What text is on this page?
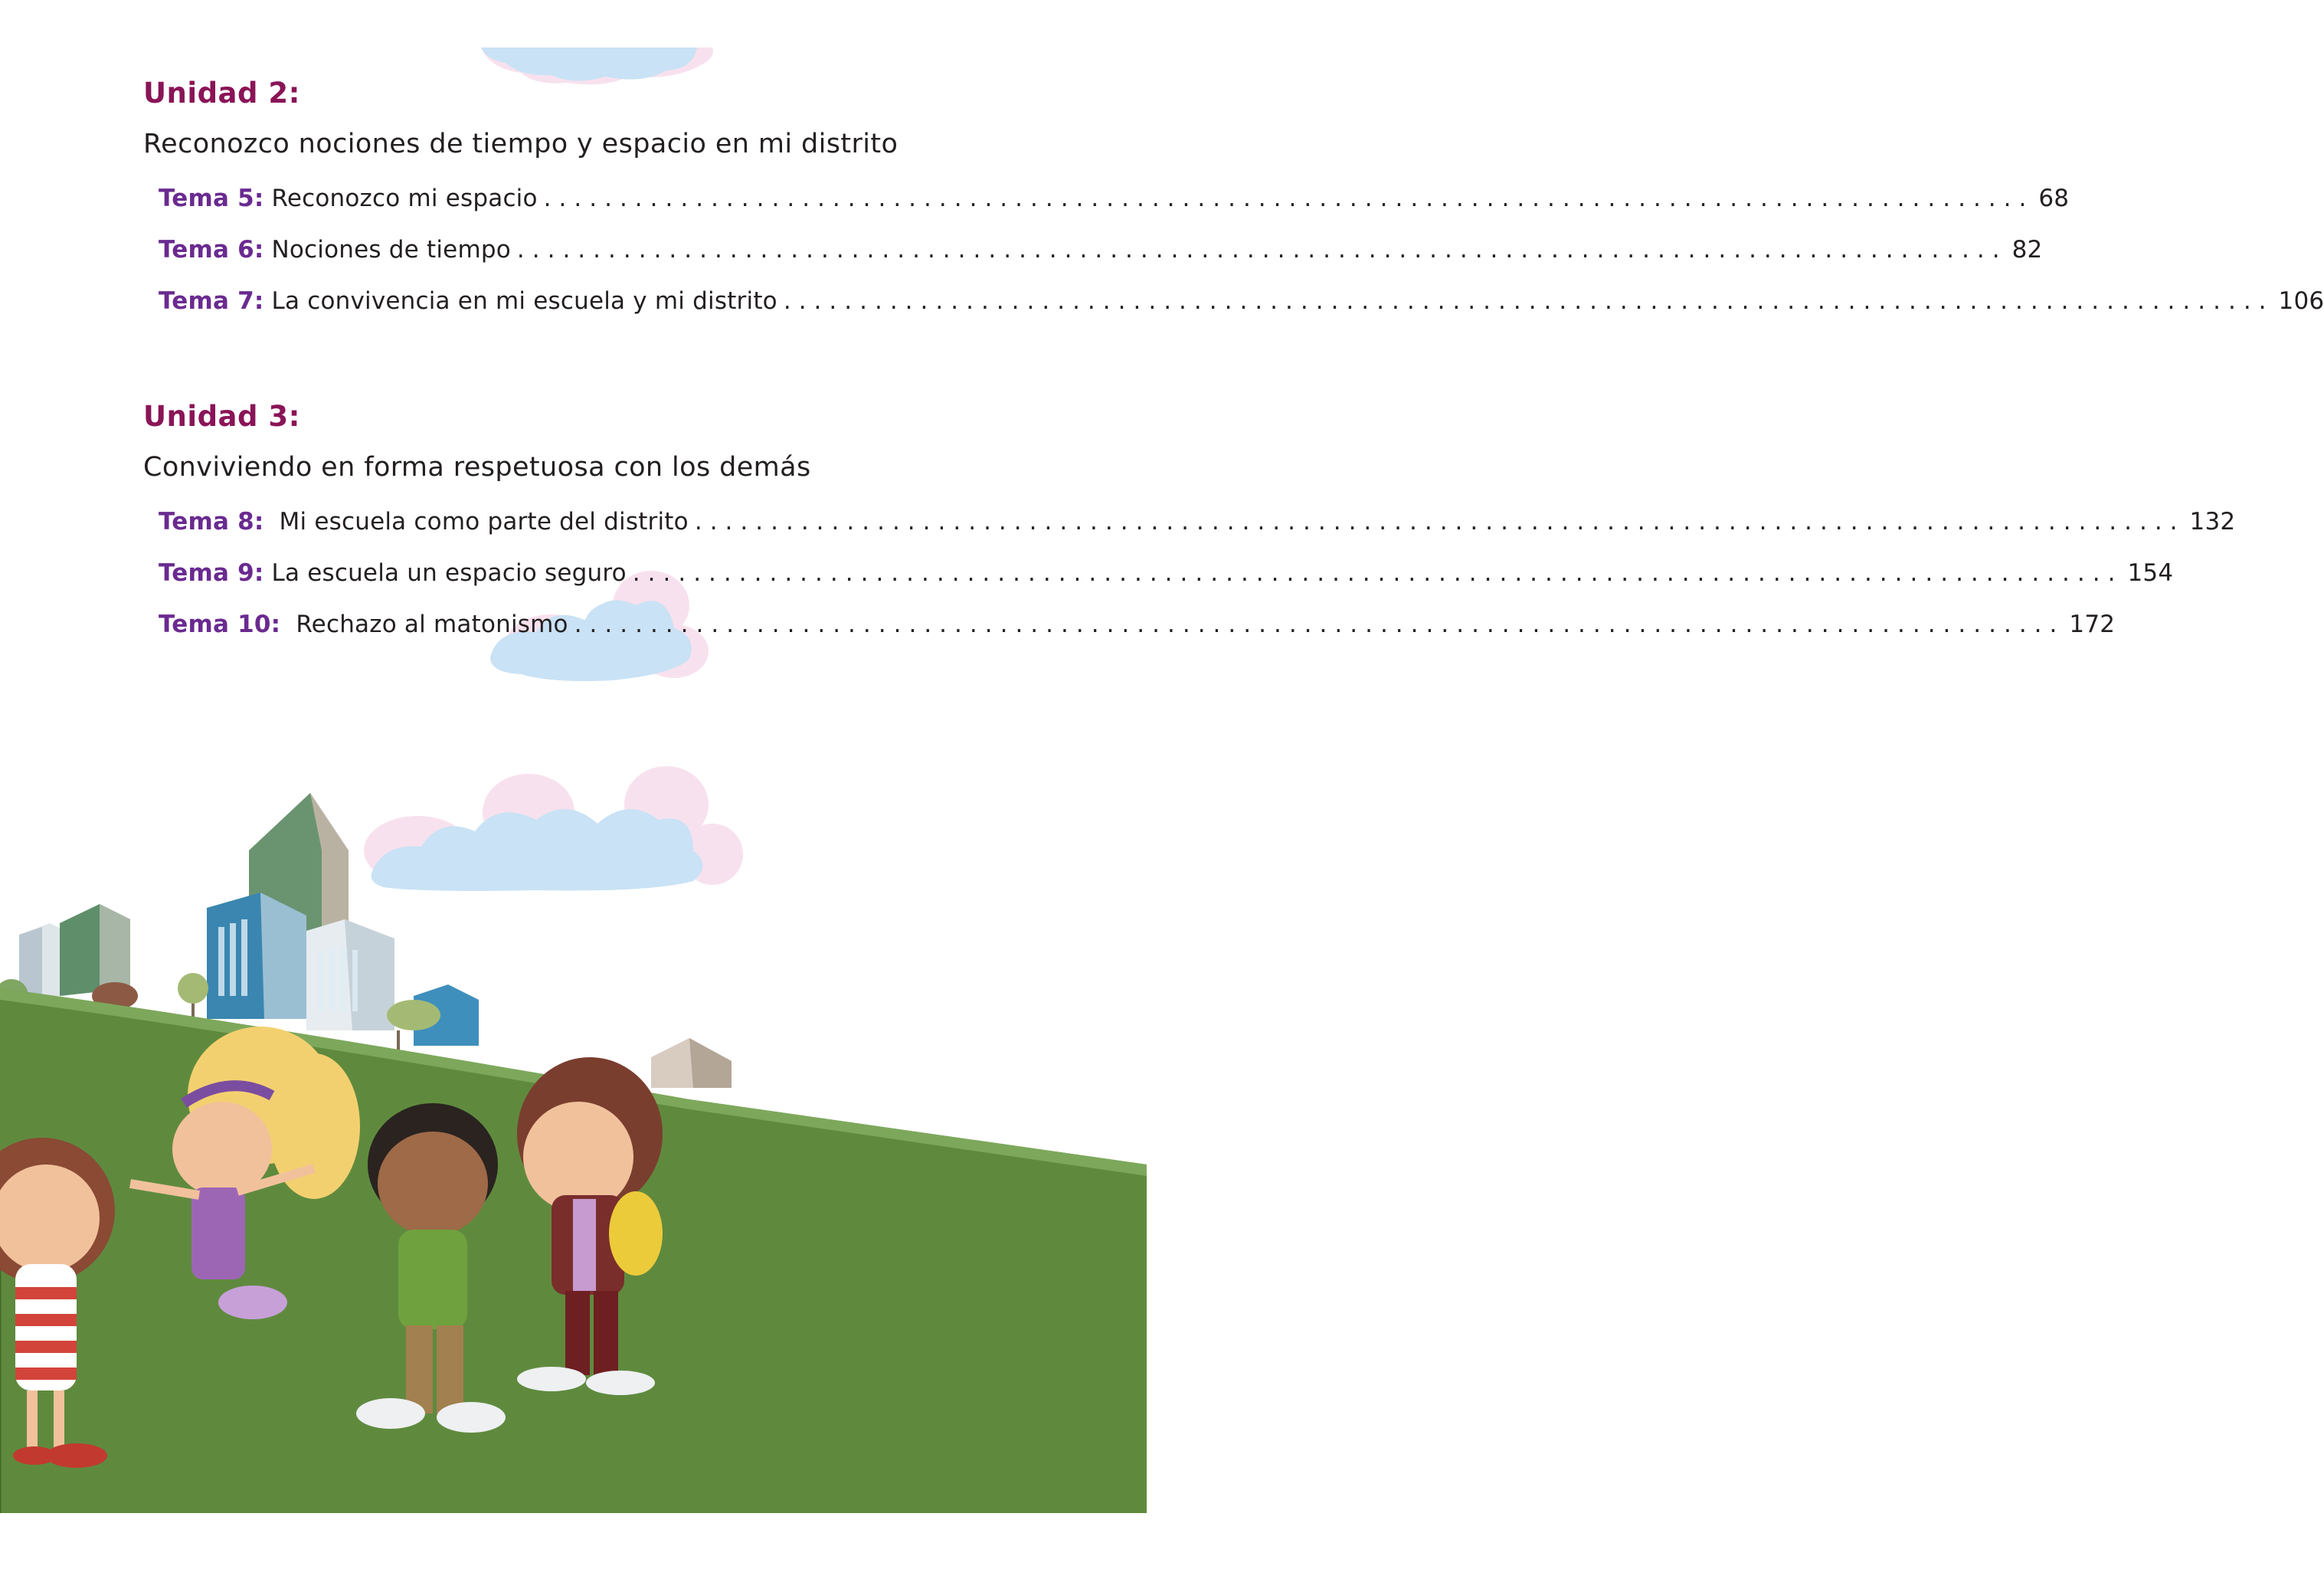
Unidad 2:
Reconozco nociones de tiempo y espacio en mi distrito
Tema 5:
Reconozco mi espacio .................................................................................................. 68
Tema 6:
Nociones de tiempo .................................................................................................. 82
Tema 7:
La convivencia en mi escuela y mi distrito .................................................................................................. 106
Unidad 3:
Conviviendo en forma respetuosa con los demás
Tema 8:
Mi escuela como parte del distrito .................................................................................................. 132
Tema 9:
La escuela un espacio seguro .................................................................................................. 154
Tema 10:
Rechazo al matonismo .................................................................................................. 172
